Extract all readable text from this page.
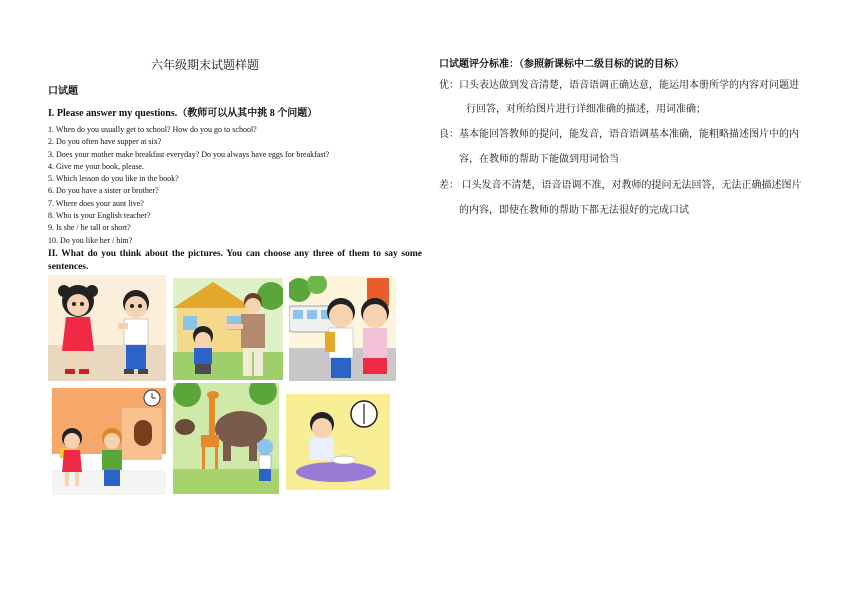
六年级期末试题样题
口试题
I. Please answer my questions.（教师可以从其中挑 8 个问题）
1. When do you usually get to school? How do you go to school?
2. Do you often have supper at six?
3. Does your mother make breakfast everyday? Do you always have eggs for breakfast?
4. Give me your book, please.
5. Which lesson do you like in the book?
6. Do you have a sister or brother?
7. Where does your aunt live?
8. Who is your English teacher?
9. Is she / he tall or short?
10. Do you like her / him?
II. What do you think about the pictures. You can choose any three of them to say some sentences.
口试题评分标准：（参照新课标中二级目标的说的目标）
优：口头表达做到发音清楚，语音语调正确达意，能运用本册所学的内容对问题进
行回答，对所给图片进行详细准确的描述，用词准确；
良：基本能回答教师的提问，能发音，语音语调基本准确，能粗略描述图片中的内
容，在教师的帮助下能做到用词恰当
差： 口头发音不清楚，语音语调不准，对教师的提问无法回答，无法正确描述图片
的内容，即使在教师的帮助下都无法很好的完成口试
